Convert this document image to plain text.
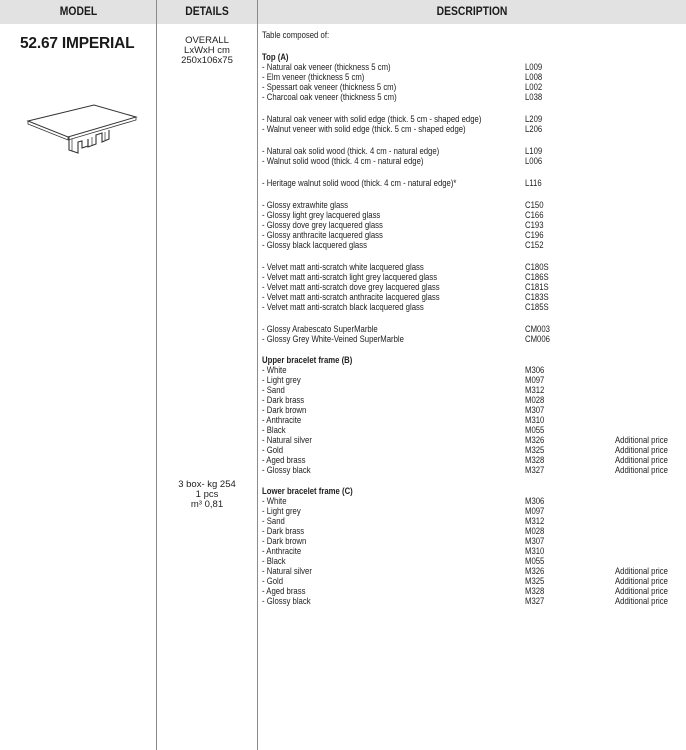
MODEL	DETAILS	DESCRIPTION
52.67 IMPERIAL	OVERALL
LxWxH cm
250x106x75
3 box- kg 254
1 pcs
m³ 0,81
Table composed of:
Top (A)
- Natural oak veneer (thickness 5 cm)	L009
- Elm veneer (thickness 5 cm)	L008
- Spessart oak veneer (thickness 5 cm)	L002
- Charcoal oak veneer (thickness 5 cm)	L038
- Natural oak veneer with solid edge (thick. 5 cm - shaped edge)	L209
- Walnut veneer with solid edge (thick. 5 cm - shaped edge)	L206
- Natural oak solid wood (thick. 4 cm - natural edge)	L109
- Walnut solid wood (thick. 4 cm - natural edge)	L006
- Heritage walnut solid wood (thick. 4 cm - natural edge)*	L116
- Glossy extrawhite glass	C150
- Glossy light grey lacquered glass	C166
- Glossy dove grey lacquered glass	C193
- Glossy anthracite lacquered glass	C196
- Glossy black lacquered glass	C152
- Velvet matt anti-scratch white lacquered glass	C180S
- Velvet matt anti-scratch light grey lacquered glass	C186S
- Velvet matt anti-scratch dove grey lacquered glass	C181S
- Velvet matt anti-scratch anthracite lacquered glass	C183S
- Velvet matt anti-scratch black lacquered glass	C185S
- Glossy Arabescato SuperMarble	CM003
- Glossy Grey White-Veined SuperMarble	CM006
Upper bracelet frame (B)
- White	M306
- Light grey	M097
- Sand	M312
- Dark brass	M028
- Dark brown	M307
- Anthracite	M310
- Black	M055
- Natural silver	M326	Additional price
- Gold	M325	Additional price
- Aged brass	M328	Additional price
- Glossy black	M327	Additional price
Lower bracelet frame (C)
- White	M306
- Light grey	M097
- Sand	M312
- Dark brass	M028
- Dark brown	M307
- Anthracite	M310
- Black	M055
- Natural silver	M326	Additional price
- Gold	M325	Additional price
- Aged brass	M328	Additional price
- Glossy black	M327	Additional price
